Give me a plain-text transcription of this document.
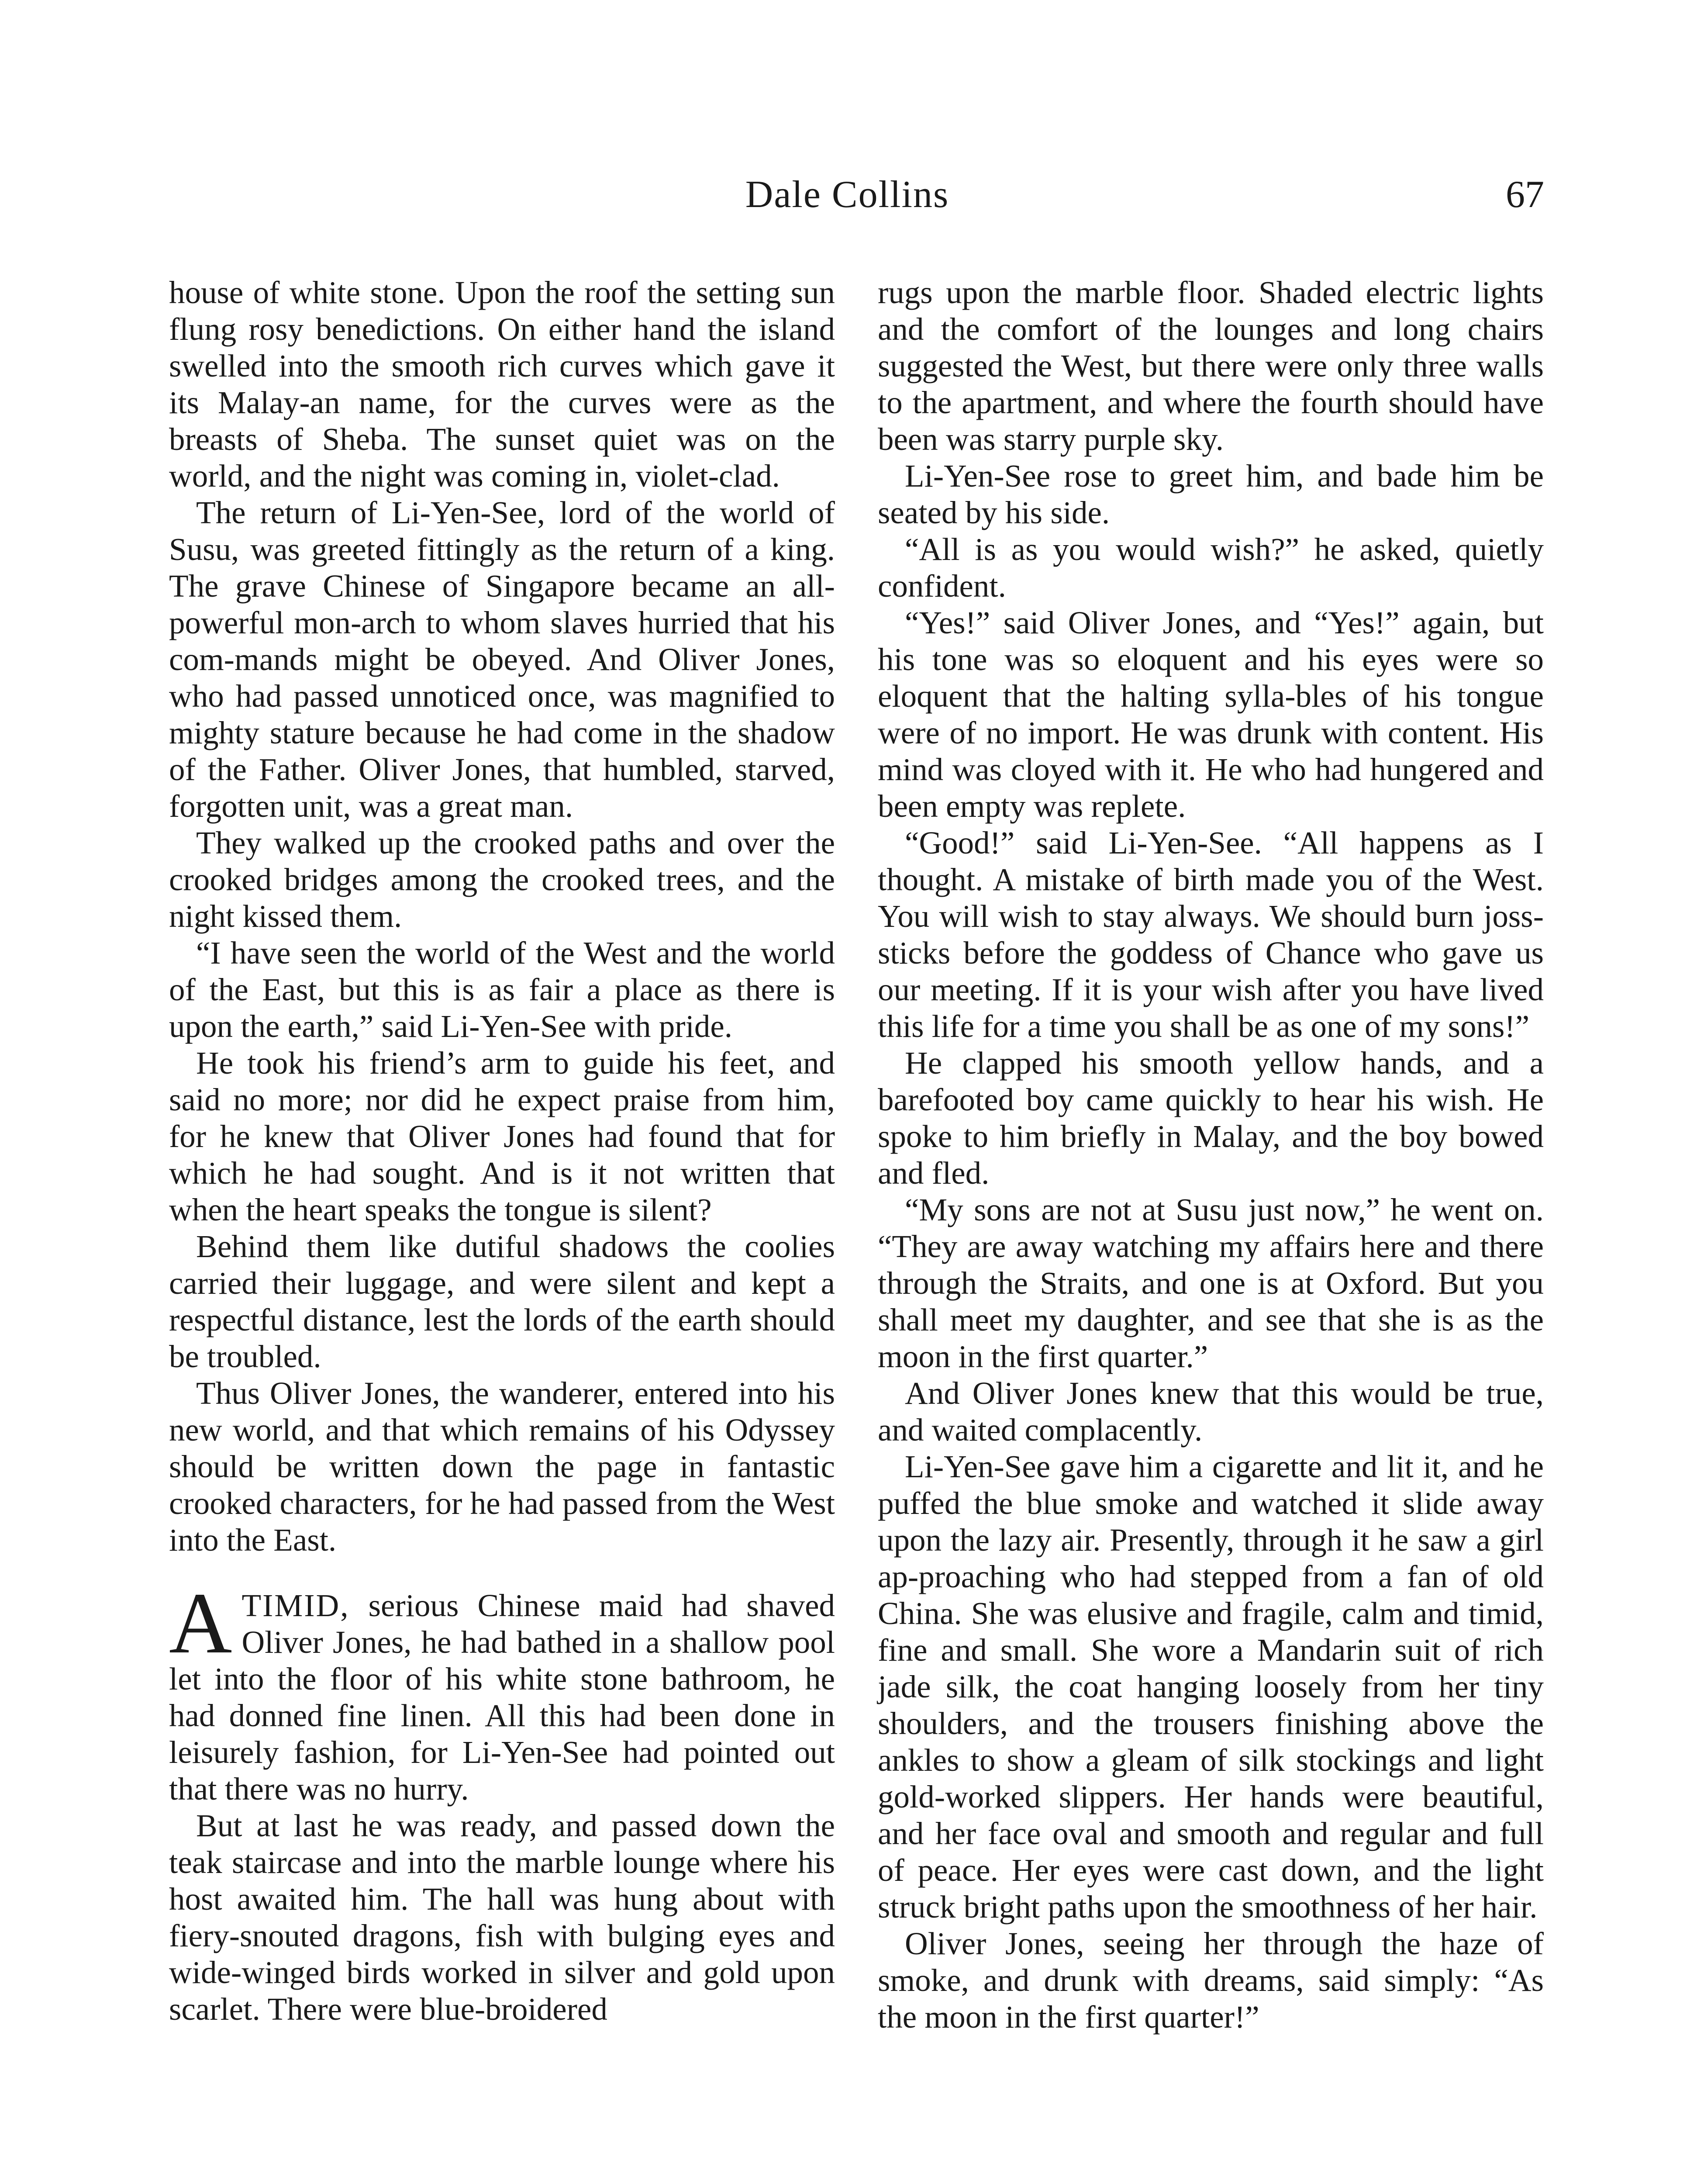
Dale Collins	67

house of white stone. Upon the roof the setting sun flung rosy benedictions. On either hand the island swelled into the smooth rich curves which gave it its Malay-an name, for the curves were as the breasts of Sheba. The sunset quiet was on the world, and the night was coming in, violet-clad.

The return of Li-Yen-See, lord of the world of Susu, was greeted fittingly as the return of a king. The grave Chinese of Singapore became an all-powerful mon-arch to whom slaves hurried that his com-mands might be obeyed. And Oliver Jones, who had passed unnoticed once, was magnified to mighty stature because he had come in the shadow of the Father. Oliver Jones, that humbled, starved, forgotten unit, was a great man.

They walked up the crooked paths and over the crooked bridges among the crooked trees, and the night kissed them.

“I have seen the world of the West and the world of the East, but this is as fair a place as there is upon the earth,” said Li-Yen-See with pride.

He took his friend’s arm to guide his feet, and said no more; nor did he expect praise from him, for he knew that Oliver Jones had found that for which he had sought. And is it not written that when the heart speaks the tongue is silent?

Behind them like dutiful shadows the coolies carried their luggage, and were silent and kept a respectful distance, lest the lords of the earth should be troubled.

Thus Oliver Jones, the wanderer, entered into his new world, and that which remains of his Odyssey should be written down the page in fantastic crooked characters, for he had passed from the West into the East.

ATIMID, serious Chinese maid had shaved Oliver Jones, he had bathed in a shallow pool let into the floor of his white stone bathroom, he had donned fine linen. All this had been done in leisurely fashion, for Li-Yen-See had pointed out that there was no hurry.

But at last he was ready, and passed down the teak staircase and into the marble lounge where his host awaited him. The hall was hung about with fiery-snouted dragons, fish with bulging eyes and wide-winged birds worked in silver and gold upon scarlet. There were blue-broidered

rugs upon the marble floor. Shaded electric lights and the comfort of the lounges and long chairs suggested the West, but there were only three walls to the apartment, and where the fourth should have been was starry purple sky.

Li-Yen-See rose to greet him, and bade him be seated by his side.

“All is as you would wish?” he asked, quietly confident.

“Yes!” said Oliver Jones, and “Yes!” again, but his tone was so eloquent and his eyes were so eloquent that the halting sylla-bles of his tongue were of no import. He was drunk with content. His mind was cloyed with it. He who had hungered and been empty was replete.

“Good!” said Li-Yen-See. “All happens as I thought. A mistake of birth made you of the West. You will wish to stay always. We should burn joss-sticks before the goddess of Chance who gave us our meeting. If it is your wish after you have lived this life for a time you shall be as one of my sons!”

He clapped his smooth yellow hands, and a barefooted boy came quickly to hear his wish. He spoke to him briefly in Malay, and the boy bowed and fled.

“My sons are not at Susu just now,” he went on. “They are away watching my affairs here and there through the Straits, and one is at Oxford. But you shall meet my daughter, and see that she is as the moon in the first quarter.”

And Oliver Jones knew that this would be true, and waited complacently.

Li-Yen-See gave him a cigarette and lit it, and he puffed the blue smoke and watched it slide away upon the lazy air. Presently, through it he saw a girl ap-proaching who had stepped from a fan of old China. She was elusive and fragile, calm and timid, fine and small. She wore a Mandarin suit of rich jade silk, the coat hanging loosely from her tiny shoulders, and the trousers finishing above the ankles to show a gleam of silk stockings and light gold-worked slippers. Her hands were beautiful, and her face oval and smooth and regular and full of peace. Her eyes were cast down, and the light struck bright paths upon the smoothness of her hair.

Oliver Jones, seeing her through the haze of smoke, and drunk with dreams, said simply: “As the moon in the first quarter!”
